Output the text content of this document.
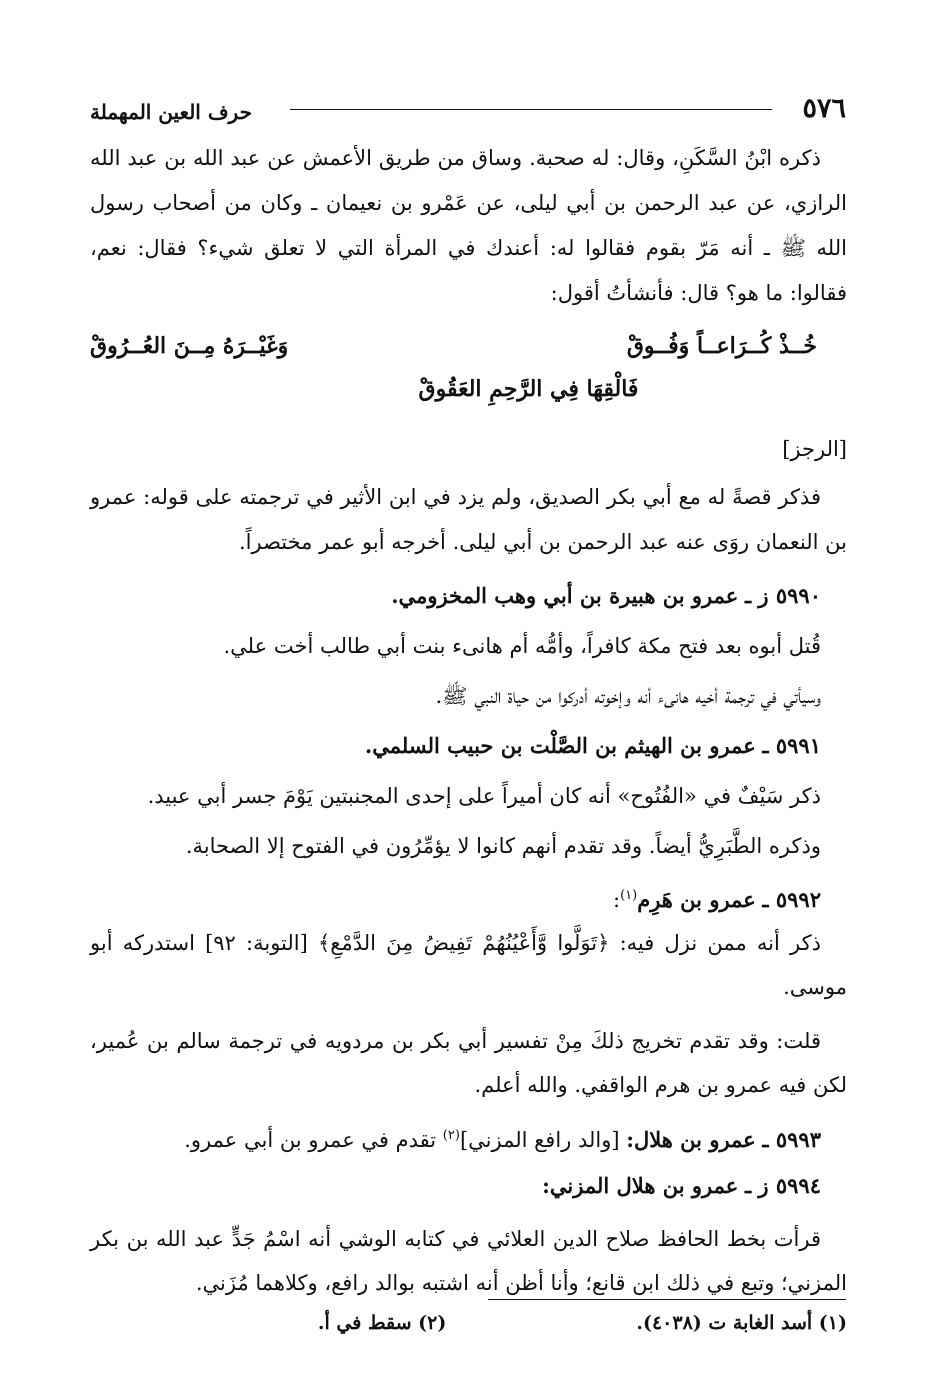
٥٧٦
حرف العين المهملة

ذكره ابْنُ السَّكَنِ، وقال: له صحبة. وساق من طريق الأعمش عن عبد الله بن عبد الله الرازي، عن عبد الرحمن بن أبي ليلى، عن عَمْرو بن نعيمان ـ وكان من أصحاب رسول الله ﷺ ـ أنه مَرّ بقوم فقالوا له: أعندك في المرأة التي لا تعلق شيء؟ فقال: نعم، فقالوا: ما هو؟ قال: فأنشأتُ أقول:

خُــذْ كُــرَاعــاً وَفُــوقْ
وَغَيْــرَهُ مِــنَ العُــرُوقْ
فَالْقِهَا فِي الرَّحِمِ العَقُوقْ
[الرجز]

فذكر قصةً له مع أبي بكر الصديق، ولم يزد في ابن الأثير في ترجمته على قوله: عمرو بن النعمان روَى عنه عبد الرحمن بن أبي ليلى. أخرجه أبو عمر مختصراً.

٥٩٩٠ ز ـ عمرو بن هبيرة بن أبي وهب المخزومي.

قُتل أبوه بعد فتح مكة كافراً، وأمُّه أم هانىء بنت أبي طالب أخت علي.

وسيأتي في ترجمة أخيه هانىء أنه وإخوته أدركوا من حياة النبي ﷺ.

٥٩٩١ ـ عمرو بن الهيثم بن الصَّلْت بن حبيب السلمي.

ذكر سَيْفٌ في «الفُتُوح» أنه كان أميراً على إحدى المجنبتين يَوْمَ جسر أبي عبيد.

وذكره الطَّبَرِيُّ أيضاً. وقد تقدم أنهم كانوا لا يؤمِّرُون في الفتوح إلا الصحابة.

٥٩٩٢ ـ عمرو بن هَرِم$^{(١)}$:

ذكر أنه ممن نزل فيه: ﴿تَوَلَّوا وَّأَعْيُنُهُمْ تَفِيضُ مِنَ الدَّمْعِ﴾ [التوبة: ٩٢] استدركه أبو موسى.

قلت: وقد تقدم تخريج ذلكَ مِنْ تفسير أبي بكر بن مردويه في ترجمة سالم بن عُمير، لكن فيه عمرو بن هرم الواقفي. والله أعلم.

٥٩٩٣ ـ عمرو بن هلال: [والد رافع المزني]$^{(٢)}$ تقدم في عمرو بن أبي عمرو.
٥٩٩٤ ز ـ عمرو بن هلال المزني:

قرأت بخط الحافظ صلاح الدين العلائي في كتابه الوشي أنه اسْمُ جَدٍّ عبد الله بن بكر المزني؛ وتبع في ذلك ابن قانع؛ وأنا أظن أنه اشتبه بوالد رافع، وكلاهما مُزَني.

(١) أسد الغابة ت (٤٠٣٨).
(٢) سقط في أ.
